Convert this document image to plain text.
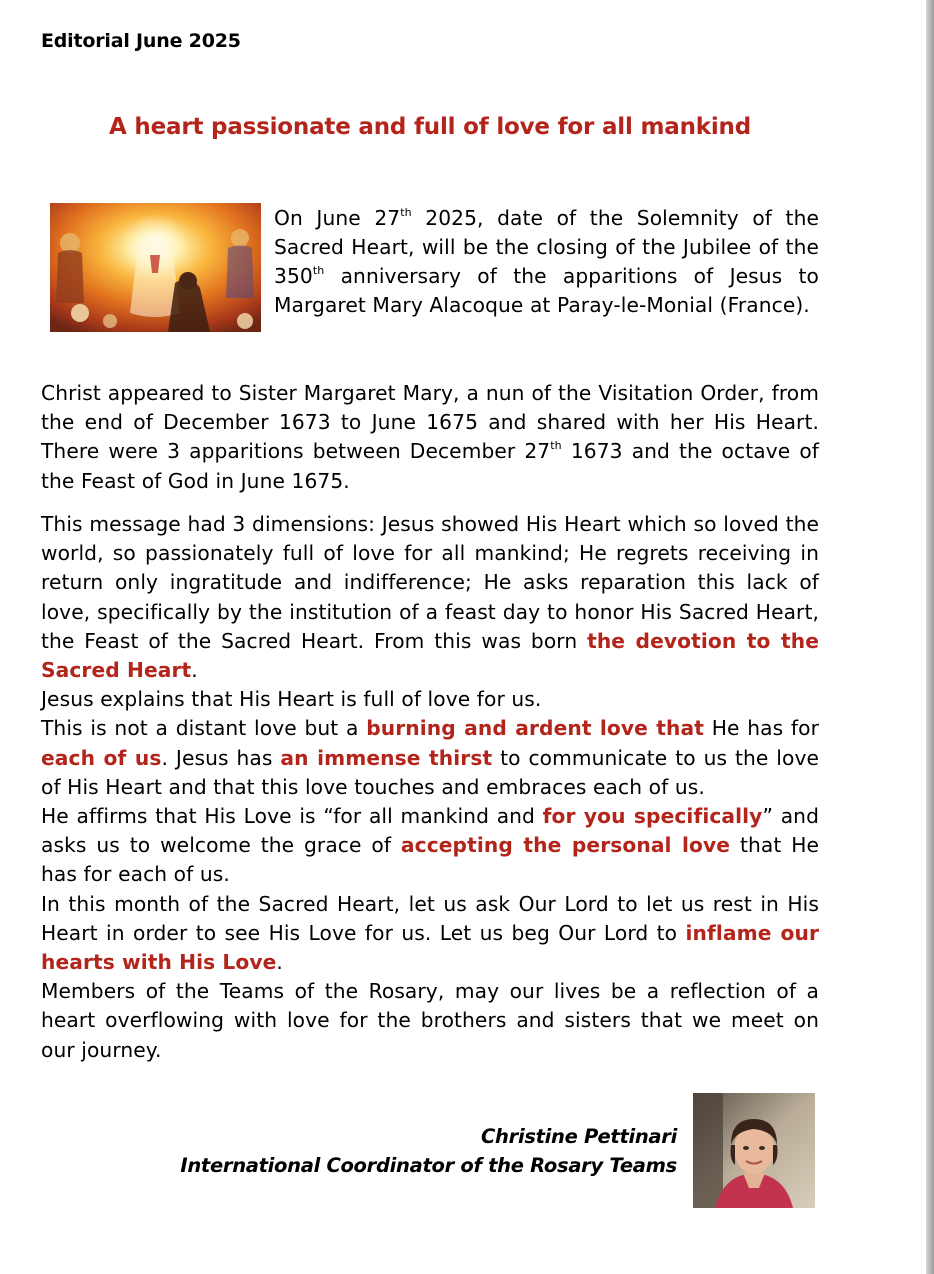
Editorial June 2025
A heart passionate and full of love for all mankind
On June 27th 2025, date of the Solemnity of the Sacred Heart, will be the closing of the Jubilee of the 350th anniversary of the apparitions of Jesus to Margaret Mary Alacoque at Paray-le-Monial (France).
Christ appeared to Sister Margaret Mary, a nun of the Visitation Order, from the end of December 1673 to June 1675 and shared with her His Heart. There were 3 apparitions between December 27th 1673 and the octave of the Feast of God in June 1675.

This message had 3 dimensions: Jesus showed His Heart which so loved the world, so passionately full of love for all mankind; He regrets receiving in return only ingratitude and indifference; He asks reparation this lack of love, specifically by the institution of a feast day to honor His Sacred Heart, the Feast of the Sacred Heart. From this was born the devotion to the Sacred Heart.

Jesus explains that His Heart is full of love for us.

This is not a distant love but a burning and ardent love that He has for each of us. Jesus has an immense thirst to communicate to us the love of His Heart and that this love touches and embraces each of us.

He affirms that His Love is “for all mankind and for you specifically” and asks us to welcome the grace of accepting the personal love that He has for each of us.

In this month of the Sacred Heart, let us ask Our Lord to let us rest in His Heart in order to see His Love for us. Let us beg Our Lord to inflame our hearts with His Love.

Members of the Teams of the Rosary, may our lives be a reflection of a heart overflowing with love for the brothers and sisters that we meet on our journey.

Christine Pettinari
International Coordinator of the Rosary Teams
